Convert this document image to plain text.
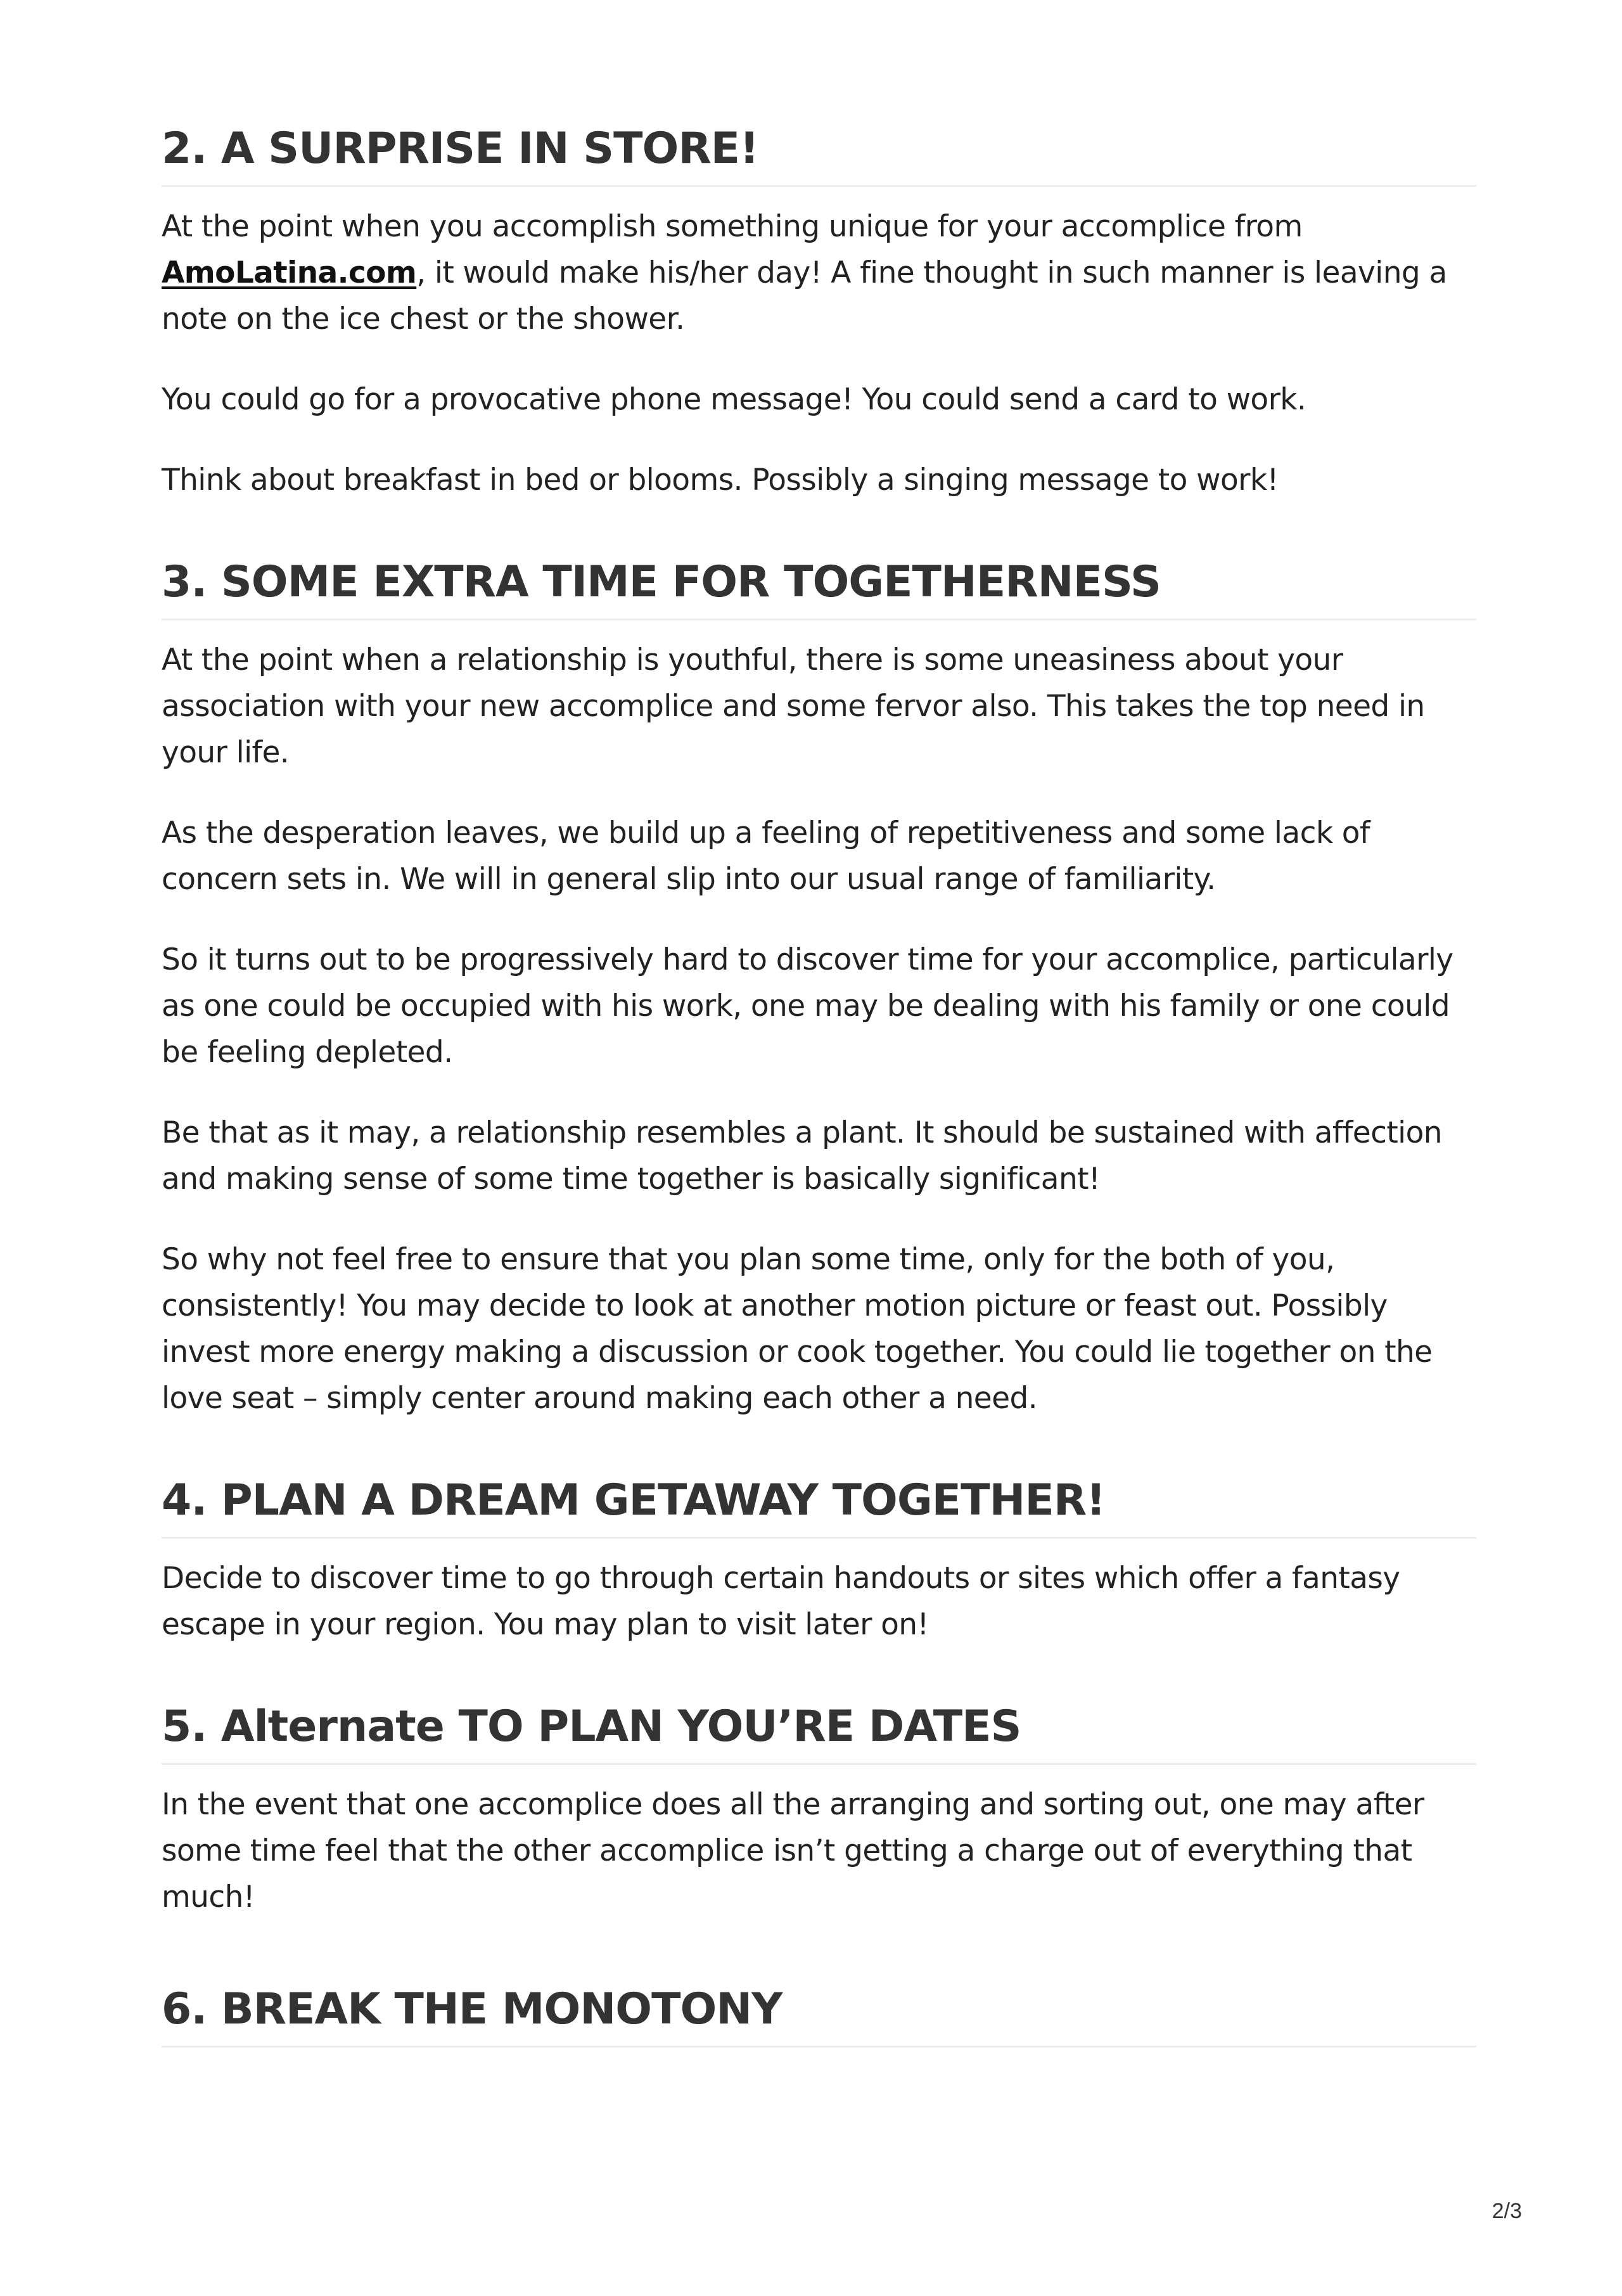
2. A SURPRISE IN STORE!

At the point when you accomplish something unique for your accomplice from AmoLatina.com, it would make his/her day! A fine thought in such manner is leaving a note on the ice chest or the shower.

You could go for a provocative phone message! You could send a card to work.

Think about breakfast in bed or blooms. Possibly a singing message to work!

3. SOME EXTRA TIME FOR TOGETHERNESS

At the point when a relationship is youthful, there is some uneasiness about your association with your new accomplice and some fervor also. This takes the top need in your life.

As the desperation leaves, we build up a feeling of repetitiveness and some lack of concern sets in. We will in general slip into our usual range of familiarity.

So it turns out to be progressively hard to discover time for your accomplice, particularly as one could be occupied with his work, one may be dealing with his family or one could be feeling depleted.

Be that as it may, a relationship resembles a plant. It should be sustained with affection and making sense of some time together is basically significant!

So why not feel free to ensure that you plan some time, only for the both of you, consistently! You may decide to look at another motion picture or feast out. Possibly invest more energy making a discussion or cook together. You could lie together on the love seat – simply center around making each other a need.

4. PLAN A DREAM GETAWAY TOGETHER!

Decide to discover time to go through certain handouts or sites which offer a fantasy escape in your region. You may plan to visit later on!

5. Alternate TO PLAN YOU’RE DATES

In the event that one accomplice does all the arranging and sorting out, one may after some time feel that the other accomplice isn’t getting a charge out of everything that much!

6. BREAK THE MONOTONY
2/3
